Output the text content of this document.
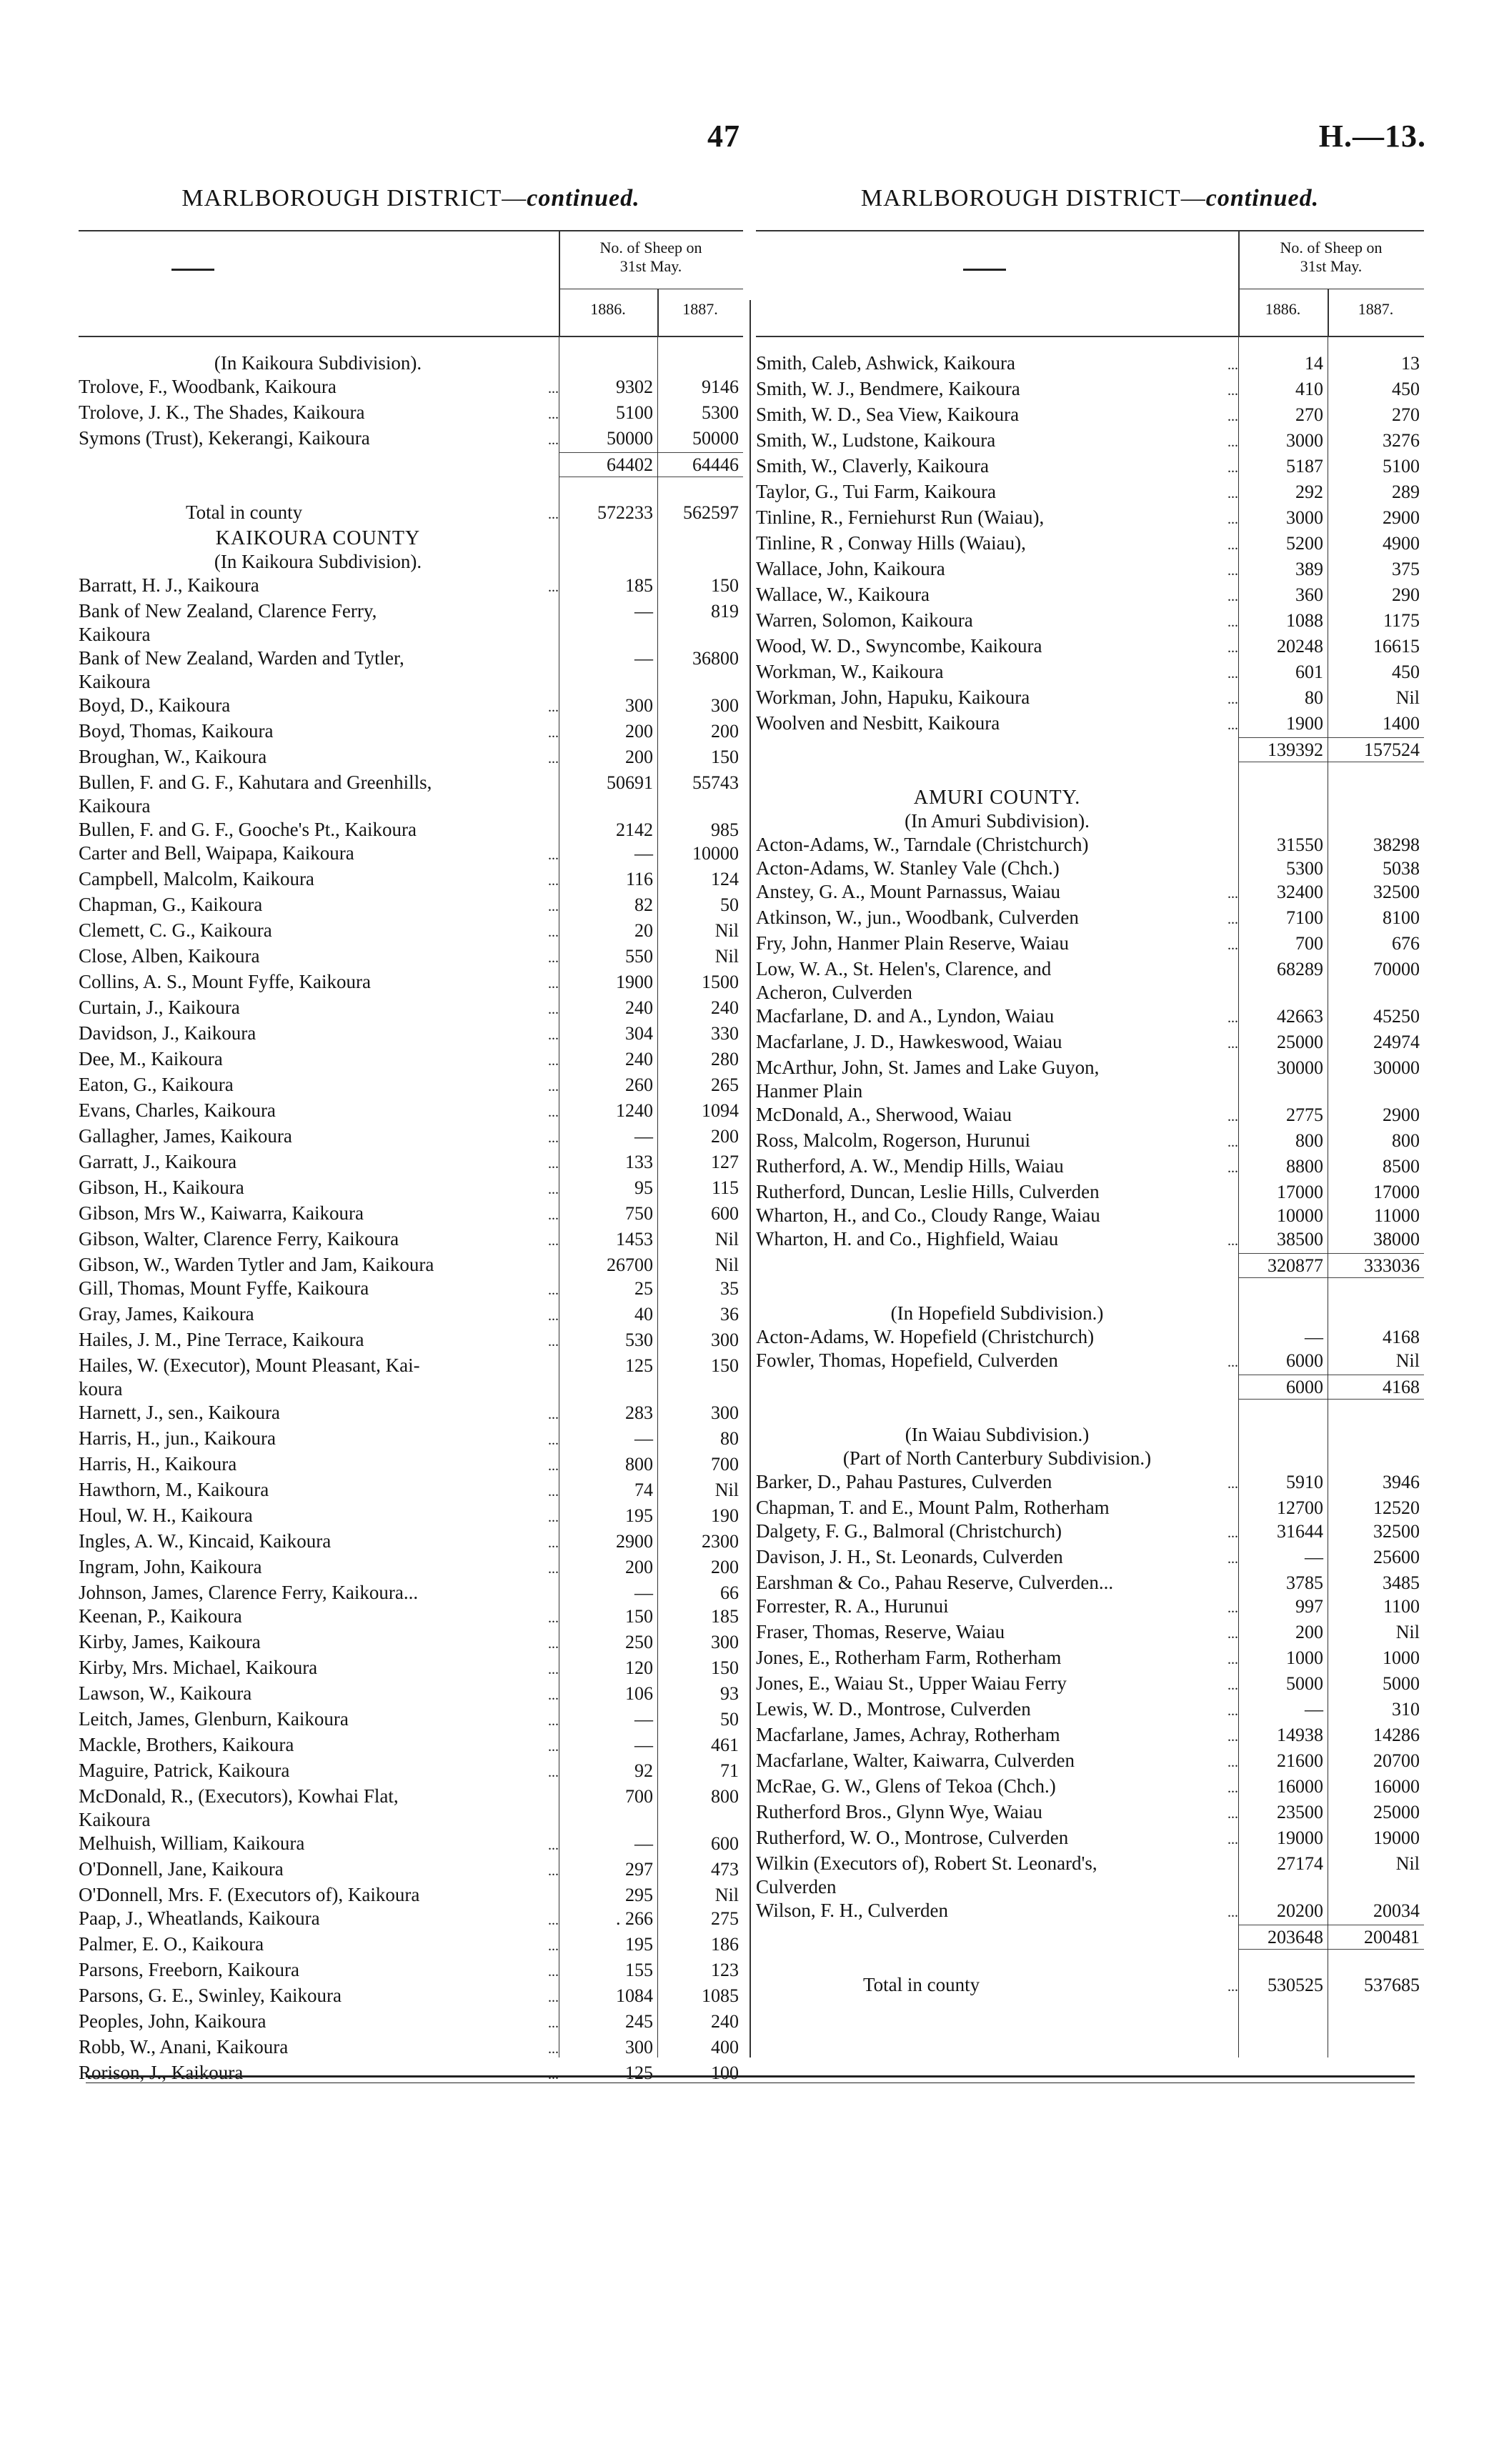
47	H.—13.
MARLBOROUGH DISTRICT—continued.
No. of Sheep on
31st May.
1886.	1887.
(In Kaikoura Subdivision).
Trolove, F., Woodbank, Kaikoura	...	9302	9146
Trolove, J. K., The Shades, Kaikoura	...	5100	5300
Symons (Trust), Kekerangi, Kaikoura	...	50000	50000
64402	64446
Total in county	...	572233	562597
KAIKOURA COUNTY
(In Kaikoura Subdivision).
Barratt, H. J., Kaikoura	...	185	150
Bank of New Zealand, Clarence Ferry,	—	819
Kaikoura
Bank of New Zealand, Warden and Tytler,	—	36800
Kaikoura
Boyd, D., Kaikoura	...	300	300
Boyd, Thomas, Kaikoura	...	200	200
Broughan, W., Kaikoura	...	200	150
Bullen, F. and G. F., Kahutara and Greenhills,	50691	55743
Kaikoura
Bullen, F. and G. F., Gooche's Pt., Kaikoura	2142	985
Carter and Bell, Waipapa, Kaikoura	...	—	10000
Campbell, Malcolm, Kaikoura	...	116	124
Chapman, G., Kaikoura	...	82	50
Clemett, C. G., Kaikoura	...	20	Nil
Close, Alben, Kaikoura	...	550	Nil
Collins, A. S., Mount Fyffe, Kaikoura	...	1900	1500
Curtain, J., Kaikoura	...	240	240
Davidson, J., Kaikoura	...	304	330
Dee, M., Kaikoura	...	240	280
Eaton, G., Kaikoura	...	260	265
Evans, Charles, Kaikoura	...	1240	1094
Gallagher, James, Kaikoura	...	—	200
Garratt, J., Kaikoura	...	133	127
Gibson, H., Kaikoura	...	95	115
Gibson, Mrs W., Kaiwarra, Kaikoura	...	750	600
Gibson, Walter, Clarence Ferry, Kaikoura	...	1453	Nil
Gibson, W., Warden Tytler and Jam, Kaikoura	26700	Nil
Gill, Thomas, Mount Fyffe, Kaikoura	...	25	35
Gray, James, Kaikoura	...	40	36
Hailes, J. M., Pine Terrace, Kaikoura	...	530	300
Hailes, W. (Executor), Mount Pleasant, Kai-	125	150
koura
Harnett, J., sen., Kaikoura	...	283	300
Harris, H., jun., Kaikoura	...	—	80
Harris, H., Kaikoura	...	800	700
Hawthorn, M., Kaikoura	...	74	Nil
Houl, W. H., Kaikoura	...	195	190
Ingles, A. W., Kincaid, Kaikoura	...	2900	2300
Ingram, John, Kaikoura	...	200	200
Johnson, James, Clarence Ferry, Kaikoura...	—	66
Keenan, P., Kaikoura	...	150	185
Kirby, James, Kaikoura	...	250	300
Kirby, Mrs. Michael, Kaikoura	...	120	150
Lawson, W., Kaikoura	...	106	93
Leitch, James, Glenburn, Kaikoura	...	—	50
Mackle, Brothers, Kaikoura	...	—	461
Maguire, Patrick, Kaikoura	...	92	71
McDonald, R., (Executors), Kowhai Flat,	700	800
Kaikoura
Melhuish, William, Kaikoura	...	—	600
O'Donnell, Jane, Kaikoura	...	297	473
O'Donnell, Mrs. F. (Executors of), Kaikoura	295	Nil
Paap, J., Wheatlands, Kaikoura	...	. 266	275
Palmer, E. O., Kaikoura	...	195	186
Parsons, Freeborn, Kaikoura	...	155	123
Parsons, G. E., Swinley, Kaikoura	...	1084	1085
Peoples, John, Kaikoura	...	245	240
Robb, W., Anani, Kaikoura	...	300	400
Rorison, J., Kaikoura	...	125	100
MARLBOROUGH DISTRICT—continued.
No. of Sheep on
31st May.
1886.	1887.
Smith, Caleb, Ashwick, Kaikoura	...	14	13
Smith, W. J., Bendmere, Kaikoura	...	410	450
Smith, W. D., Sea View, Kaikoura	...	270	270
Smith, W., Ludstone, Kaikoura	...	3000	3276
Smith, W., Claverly, Kaikoura	...	5187	5100
Taylor, G., Tui Farm, Kaikoura	...	292	289
Tinline, R., Ferniehurst Run (Waiau),	...	3000	2900
Tinline, R , Conway Hills (Waiau),	...	5200	4900
Wallace, John, Kaikoura	...	389	375
Wallace, W., Kaikoura	...	360	290
Warren, Solomon, Kaikoura	...	1088	1175
Wood, W. D., Swyncombe, Kaikoura	...	20248	16615
Workman, W., Kaikoura	...	601	450
Workman, John, Hapuku, Kaikoura	...	80	Nil
Woolven and Nesbitt, Kaikoura	...	1900	1400
139392	157524
AMURI COUNTY.
(In Amuri Subdivision).
Acton-Adams, W., Tarndale (Christchurch)	31550	38298
Acton-Adams, W. Stanley Vale (Chch.)	5300	5038
Anstey, G. A., Mount Parnassus, Waiau	...	32400	32500
Atkinson, W., jun., Woodbank, Culverden	...	7100	8100
Fry, John, Hanmer Plain Reserve, Waiau	...	700	676
Low, W. A., St. Helen's, Clarence, and	68289	70000
Acheron, Culverden
Macfarlane, D. and A., Lyndon, Waiau	...	42663	45250
Macfarlane, J. D., Hawkeswood, Waiau	...	25000	24974
McArthur, John, St. James and Lake Guyon,	30000	30000
Hanmer Plain
McDonald, A., Sherwood, Waiau	...	2775	2900
Ross, Malcolm, Rogerson, Hurunui	...	800	800
Rutherford, A. W., Mendip Hills, Waiau	...	8800	8500
Rutherford, Duncan, Leslie Hills, Culverden	17000	17000
Wharton, H., and Co., Cloudy Range, Waiau	10000	11000
Wharton, H. and Co., Highfield, Waiau	...	38500	38000
320877	333036
(In Hopefield Subdivision.)
Acton-Adams, W. Hopefield (Christchurch)	—	4168
Fowler, Thomas, Hopefield, Culverden	...	6000	Nil
6000	4168
(In Waiau Subdivision.)
(Part of North Canterbury Subdivision.)
Barker, D., Pahau Pastures, Culverden	...	5910	3946
Chapman, T. and E., Mount Palm, Rotherham	12700	12520
Dalgety, F. G., Balmoral (Christchurch)	...	31644	32500
Davison, J. H., St. Leonards, Culverden	...	—	25600
Earshman & Co., Pahau Reserve, Culverden...	3785	3485
Forrester, R. A., Hurunui	...	997	1100
Fraser, Thomas, Reserve, Waiau	...	200	Nil
Jones, E., Rotherham Farm, Rotherham	...	1000	1000
Jones, E., Waiau St., Upper Waiau Ferry	...	5000	5000
Lewis, W. D., Montrose, Culverden	...	—	310
Macfarlane, James, Achray, Rotherham	...	14938	14286
Macfarlane, Walter, Kaiwarra, Culverden	...	21600	20700
McRae, G. W., Glens of Tekoa (Chch.)	...	16000	16000
Rutherford Bros., Glynn Wye, Waiau	...	23500	25000
Rutherford, W. O., Montrose, Culverden	...	19000	19000
Wilkin (Executors of), Robert St. Leonard's,	27174	Nil
Culverden
Wilson, F. H., Culverden	...	20200	20034
203648	200481
Total in county	...	530525	537685
